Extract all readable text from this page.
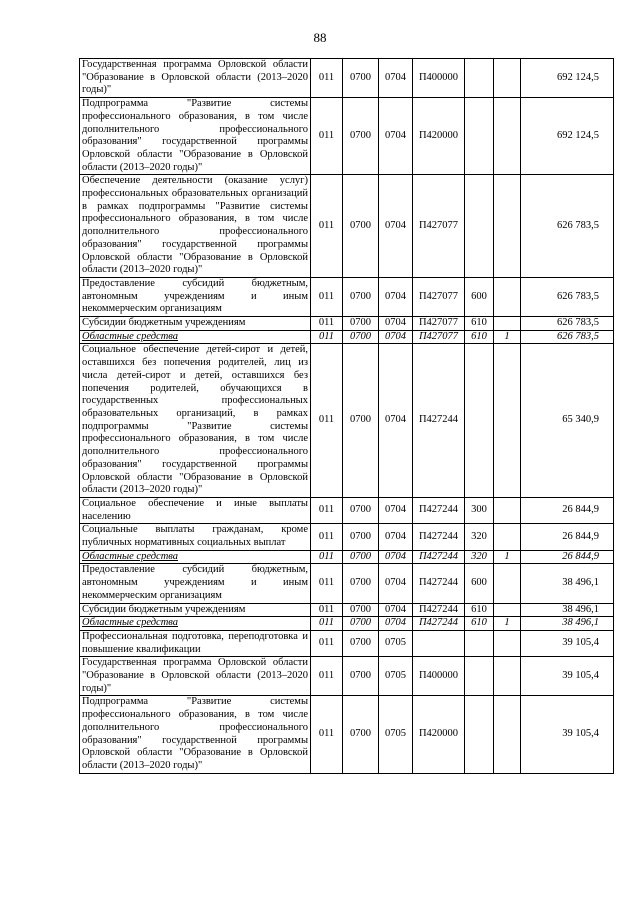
88
Государственная программа Орловской области "Образование в Орловской области (2013–2020 годы)"	011	0700	0704	П400000			692 124,5
Подпрограмма "Развитие системы профессионального образования, в том числе дополнительного профессионального образования" государственной программы Орловской области "Образование в Орловской области (2013–2020 годы)"	011	0700	0704	П420000			692 124,5
Обеспечение деятельности (оказание услуг) профессиональных образовательных организаций в рамках подпрограммы "Развитие системы профессионального образования, в том числе дополнительного профессионального образования" государственной программы Орловской области "Образование в Орловской области (2013–2020 годы)"	011	0700	0704	П427077			626 783,5
Предоставление субсидий бюджетным, автономным учреждениям и иным некоммерческим организациям	011	0700	0704	П427077	600		626 783,5
Субсидии бюджетным учреждениям	011	0700	0704	П427077	610		626 783,5
Областные средства	011	0700	0704	П427077	610	1	626 783,5
Социальное обеспечение детей-сирот и детей, оставшихся без попечения родителей, лиц из числа детей-сирот и детей, оставшихся без попечения родителей, обучающихся в государственных профессиональных образовательных организаций, в рамках подпрограммы "Развитие системы профессионального образования, в том числе дополнительного профессионального образования" государственной программы Орловской области "Образование в Орловской области (2013–2020 годы)"	011	0700	0704	П427244			65 340,9
Социальное обеспечение и иные выплаты населению	011	0700	0704	П427244	300		26 844,9
Социальные выплаты гражданам, кроме публичных нормативных социальных выплат	011	0700	0704	П427244	320		26 844,9
Областные средства	011	0700	0704	П427244	320	1	26 844,9
Предоставление субсидий бюджетным, автономным учреждениям и иным некоммерческим организациям	011	0700	0704	П427244	600		38 496,1
Субсидии бюджетным учреждениям	011	0700	0704	П427244	610		38 496,1
Областные средства	011	0700	0704	П427244	610	1	38 496,1
Профессиональная подготовка, переподготовка и повышение квалификации	011	0700	0705				39 105,4
Государственная программа Орловской области "Образование в Орловской области (2013–2020 годы)"	011	0700	0705	П400000			39 105,4
Подпрограмма "Развитие системы профессионального образования, в том числе дополнительного профессионального образования" государственной программы Орловской области "Образование в Орловской области (2013–2020 годы)"	011	0700	0705	П420000			39 105,4
